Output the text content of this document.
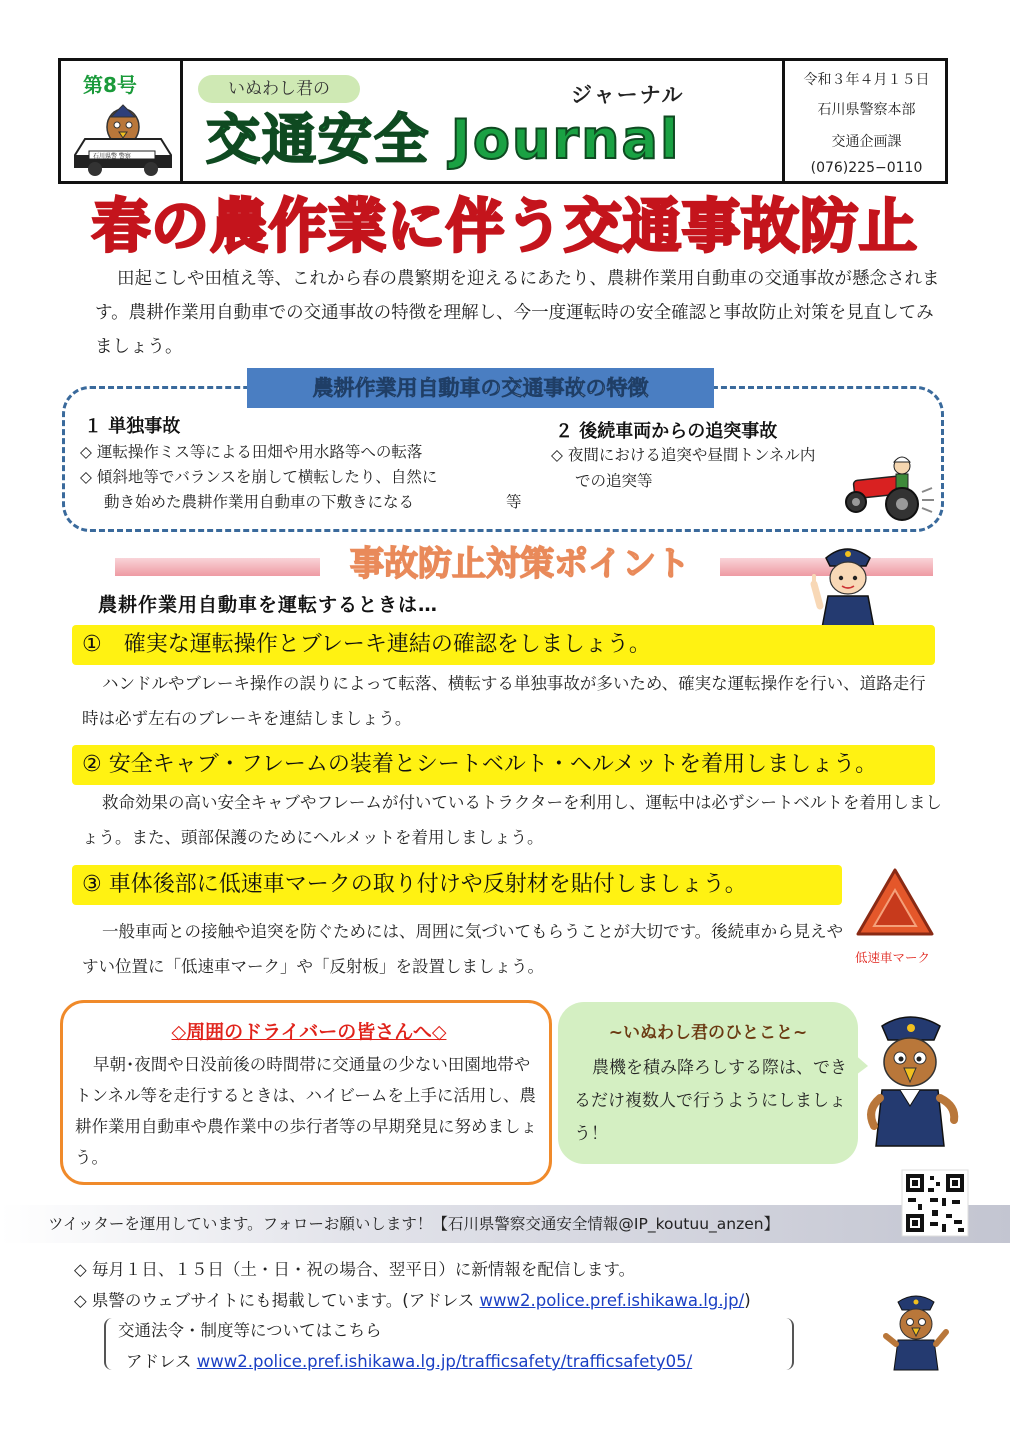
第8号
石川県警 警察
いぬわし君の	ジャーナル
交通安全 Journal
令和３年４月１５日
石川県警察本部
交通企画課
(076)225−0110
春の農作業に伴う交通事故防止
田起こしや田植え等、これから春の農繁期を迎えるにあたり、農耕作業用自動車の交通事故が懸念されます。農耕作業用自動車での交通事故の特徴を理解し、今一度運転時の安全確認と事故防止対策を見直してみましょう。
農耕作業用自動車の交通事故の特徴
１ 単独事故
◇ 運転操作ミス等による田畑や用水路等への転落
◇ 傾斜地等でバランスを崩して横転したり、自然に
動き始めた農耕作業用自動車の下敷きになる	等
２ 後続車両からの追突事故
◇ 夜間における追突や昼間トンネル内
での追突等
事故防止対策ポイント
農耕作業用自動車を運転するときは…
①　確実な運転操作とブレーキ連結の確認をしましょう。
ハンドルやブレーキ操作の誤りによって転落、横転する単独事故が多いため、確実な運転操作を行い、道路走行時は必ず左右のブレーキを連結しましょう。
② 安全キャブ・フレームの装着とシートベルト・ヘルメットを着用しましょう。
救命効果の高い安全キャブやフレームが付いているトラクターを利用し、運転中は必ずシートベルトを着用しましょう。また、頭部保護のためにヘルメットを着用しましょう。
③ 車体後部に低速車マークの取り付けや反射材を貼付しましょう。
一般車両との接触や追突を防ぐためには、周囲に気づいてもらうことが大切です。後続車から見えやすい位置に「低速車マーク」や「反射板」を設置しましょう。	低速車マーク
◇周囲のドライバーの皆さんへ◇
早朝･夜間や日没前後の時間帯に交通量の少ない田園地帯やトンネル等を走行するときは、ハイビームを上手に活用し、農耕作業用自動車や農作業中の歩行者等の早期発見に努めましょう。
~いぬわし君のひとこと~
農機を積み降ろしする際は、できるだけ複数人で行うようにしましょう！
ツイッターを運用しています。フォローお願いします！【石川県警察交通安全情報@IP_koutuu_anzen】
◇ 毎月１日、１５日（土・日・祝の場合、翌平日）に新情報を配信します。
◇ 県警のウェブサイトにも掲載しています。(アドレス www2.police.pref.ishikawa.lg.jp/)
交通法令・制度等についてはこちら
アドレス www2.police.pref.ishikawa.lg.jp/trafficsafety/trafficsafety05/
